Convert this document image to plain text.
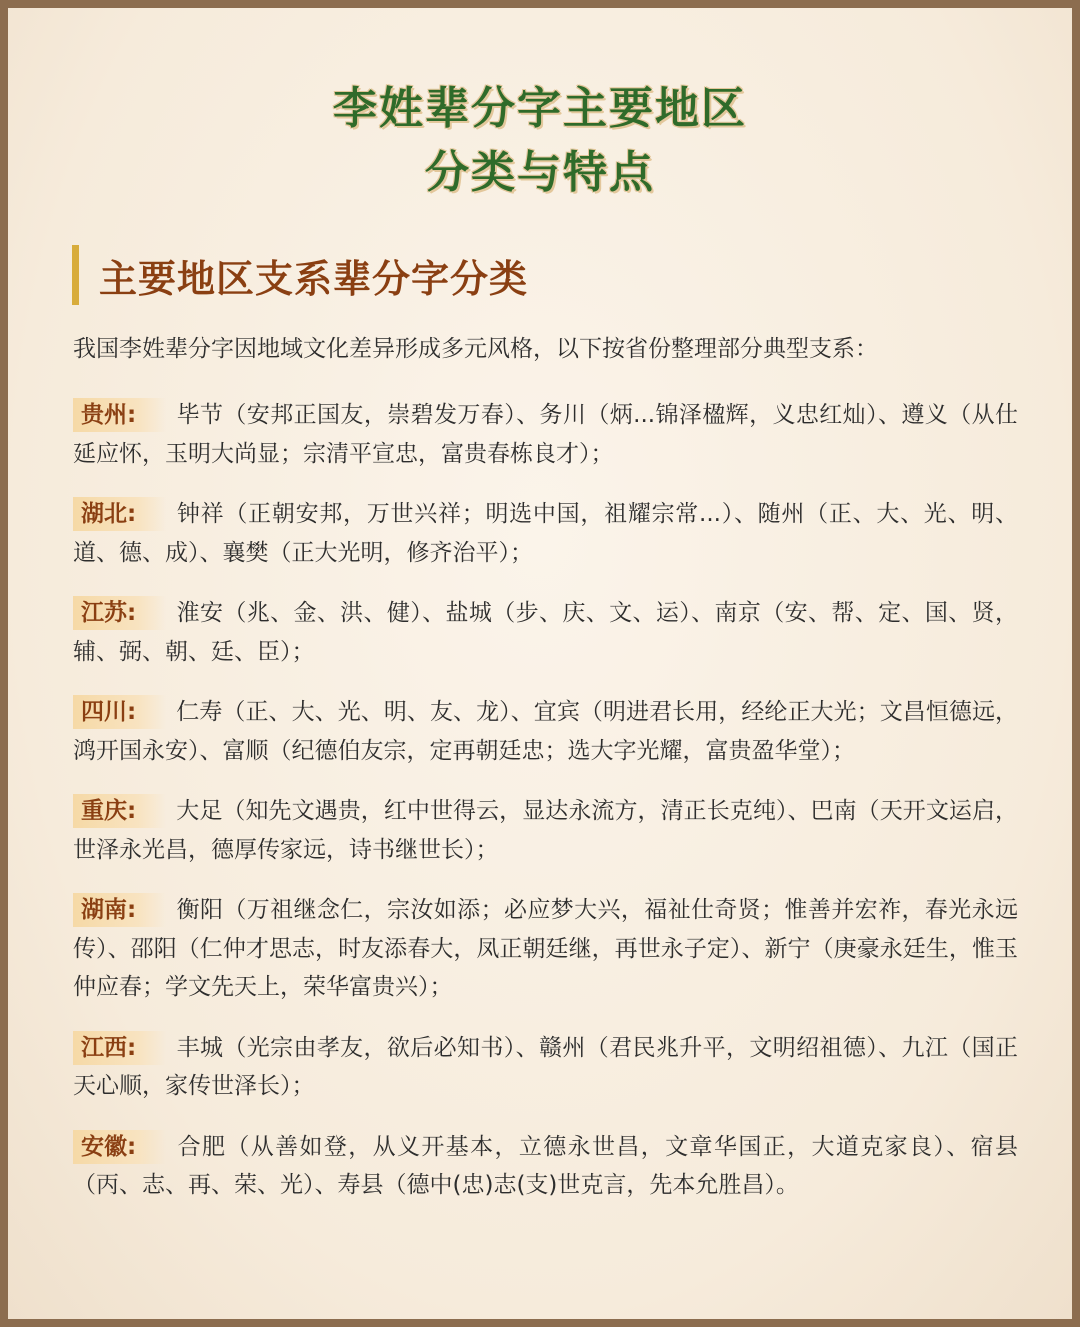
李姓辈分字主要地区
分类与特点
主要地区支系辈分字分类

我国李姓辈分字因地域文化差异形成多元风格，以下按省份整理部分典型支系：

贵州: 毕节（安邦正国友，崇碧发万春）、务川（炳...锦泽楹辉，义忠红灿）、遵义（从仕延应怀，玉明大尚显；宗清平宣忠，富贵春栋良才）；

湖北: 钟祥（正朝安邦，万世兴祥；明选中国，祖耀宗常...）、随州（正、大、光、明、道、德、成）、襄樊（正大光明，修齐治平）；

江苏: 淮安（兆、金、洪、健）、盐城（步、庆、文、运）、南京（安、帮、定、国、贤，辅、弼、朝、廷、臣）；

四川: 仁寿（正、大、光、明、友、龙）、宜宾（明进君长用，经纶正大光；文昌恒德远，鸿开国永安）、富顺（纪德伯友宗，定再朝廷忠；选大字光耀，富贵盈华堂）；

重庆: 大足（知先文遇贵，红中世得云，显达永流方，清正长克纯）、巴南（天开文运启，世泽永光昌，德厚传家远，诗书继世长）；

湖南: 衡阳（万祖继念仁，宗汝如添；必应梦大兴，福祉仕奇贤；惟善并宏祚，春光永远传）、邵阳（仁仲才思志，时友添春大，凤正朝廷继，再世永子定）、新宁（庚豪永廷生，惟玉仲应春；学文先天上，荣华富贵兴）；

江西: 丰城（光宗由孝友，欲后必知书）、赣州（君民兆升平，文明绍祖德）、九江（国正天心顺，家传世泽长）；

安徽: 合肥（从善如登，从义开基本，立德永世昌，文章华国正，大道克家良）、宿县（丙、志、再、荣、光）、寿县（德中(忠)志(支)世克言，先本允胜昌）。
